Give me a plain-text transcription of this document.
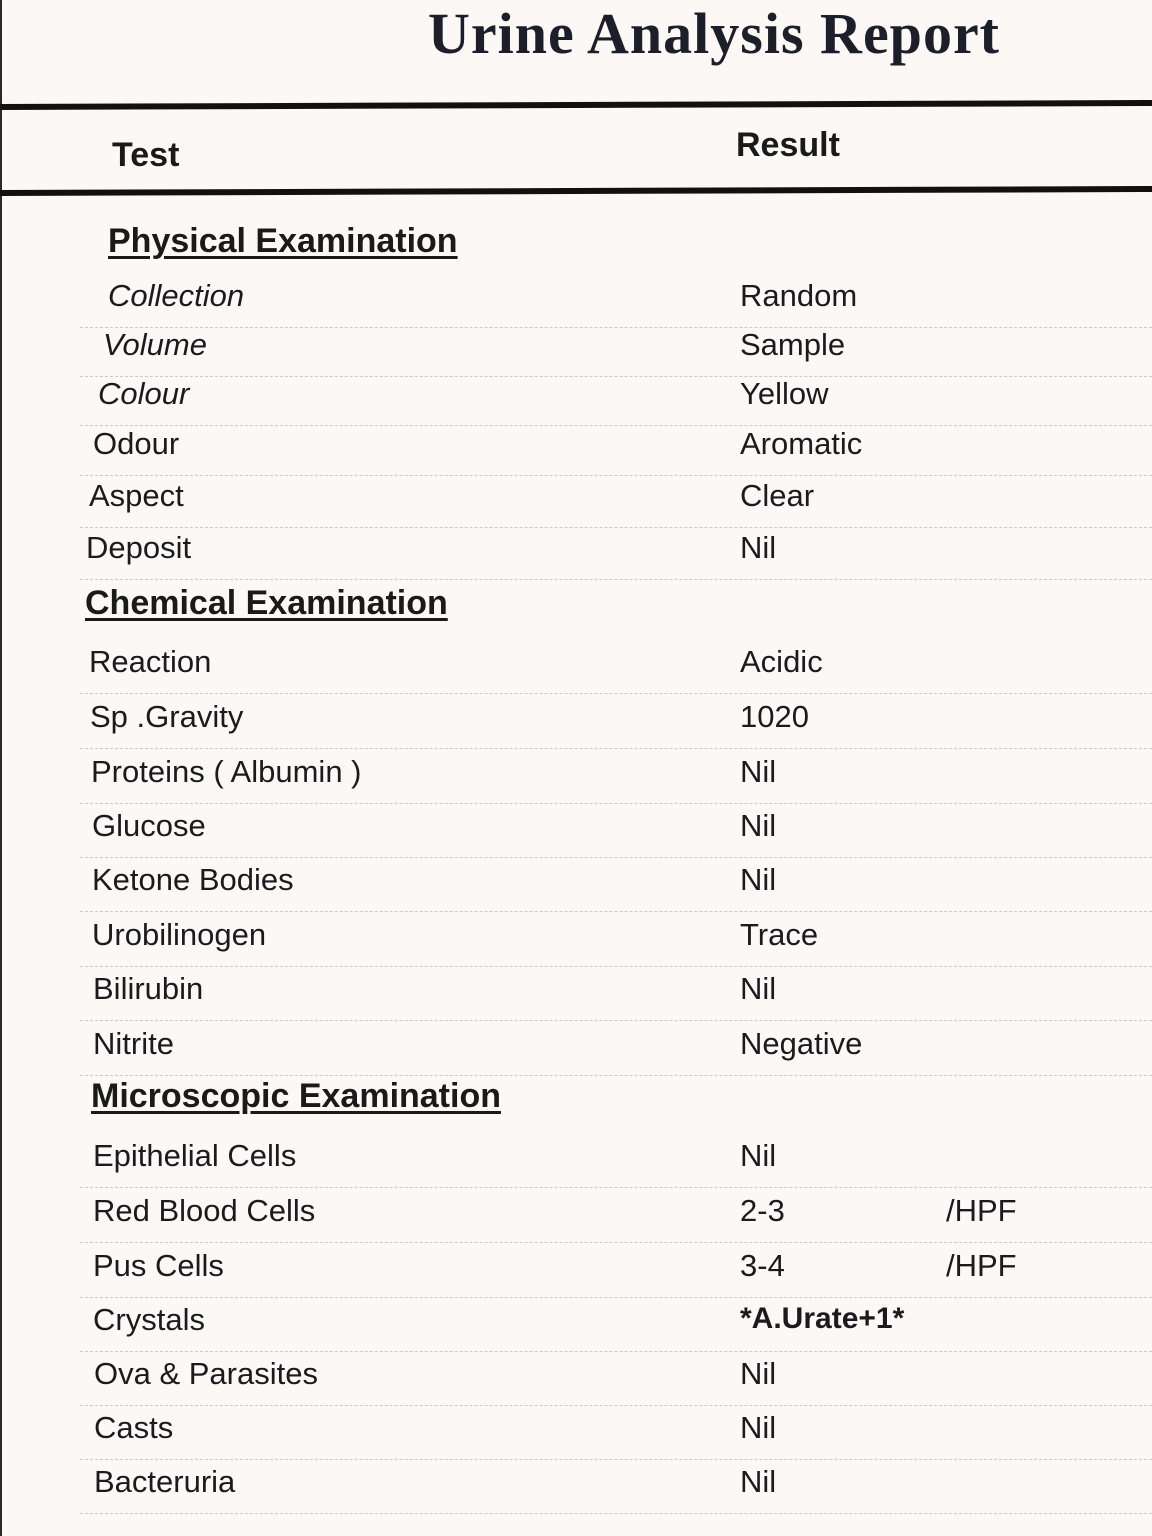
Urine Analysis Report
Test	Result
Physical Examination
Collection	Random
Volume	Sample
Colour	Yellow
Odour	Aromatic
Aspect	Clear
Deposit	Nil
Chemical Examination
Reaction	Acidic
Sp .Gravity	1020
Proteins ( Albumin )	Nil
Glucose	Nil
Ketone Bodies	Nil
Urobilinogen	Trace
Bilirubin	Nil
Nitrite	Negative
Microscopic Examination
Epithelial Cells	Nil
Red Blood Cells	2-3	/HPF
Pus Cells	3-4	/HPF
Crystals	*A.Urate+1*
Ova & Parasites	Nil
Casts	Nil
Bacteruria	Nil
